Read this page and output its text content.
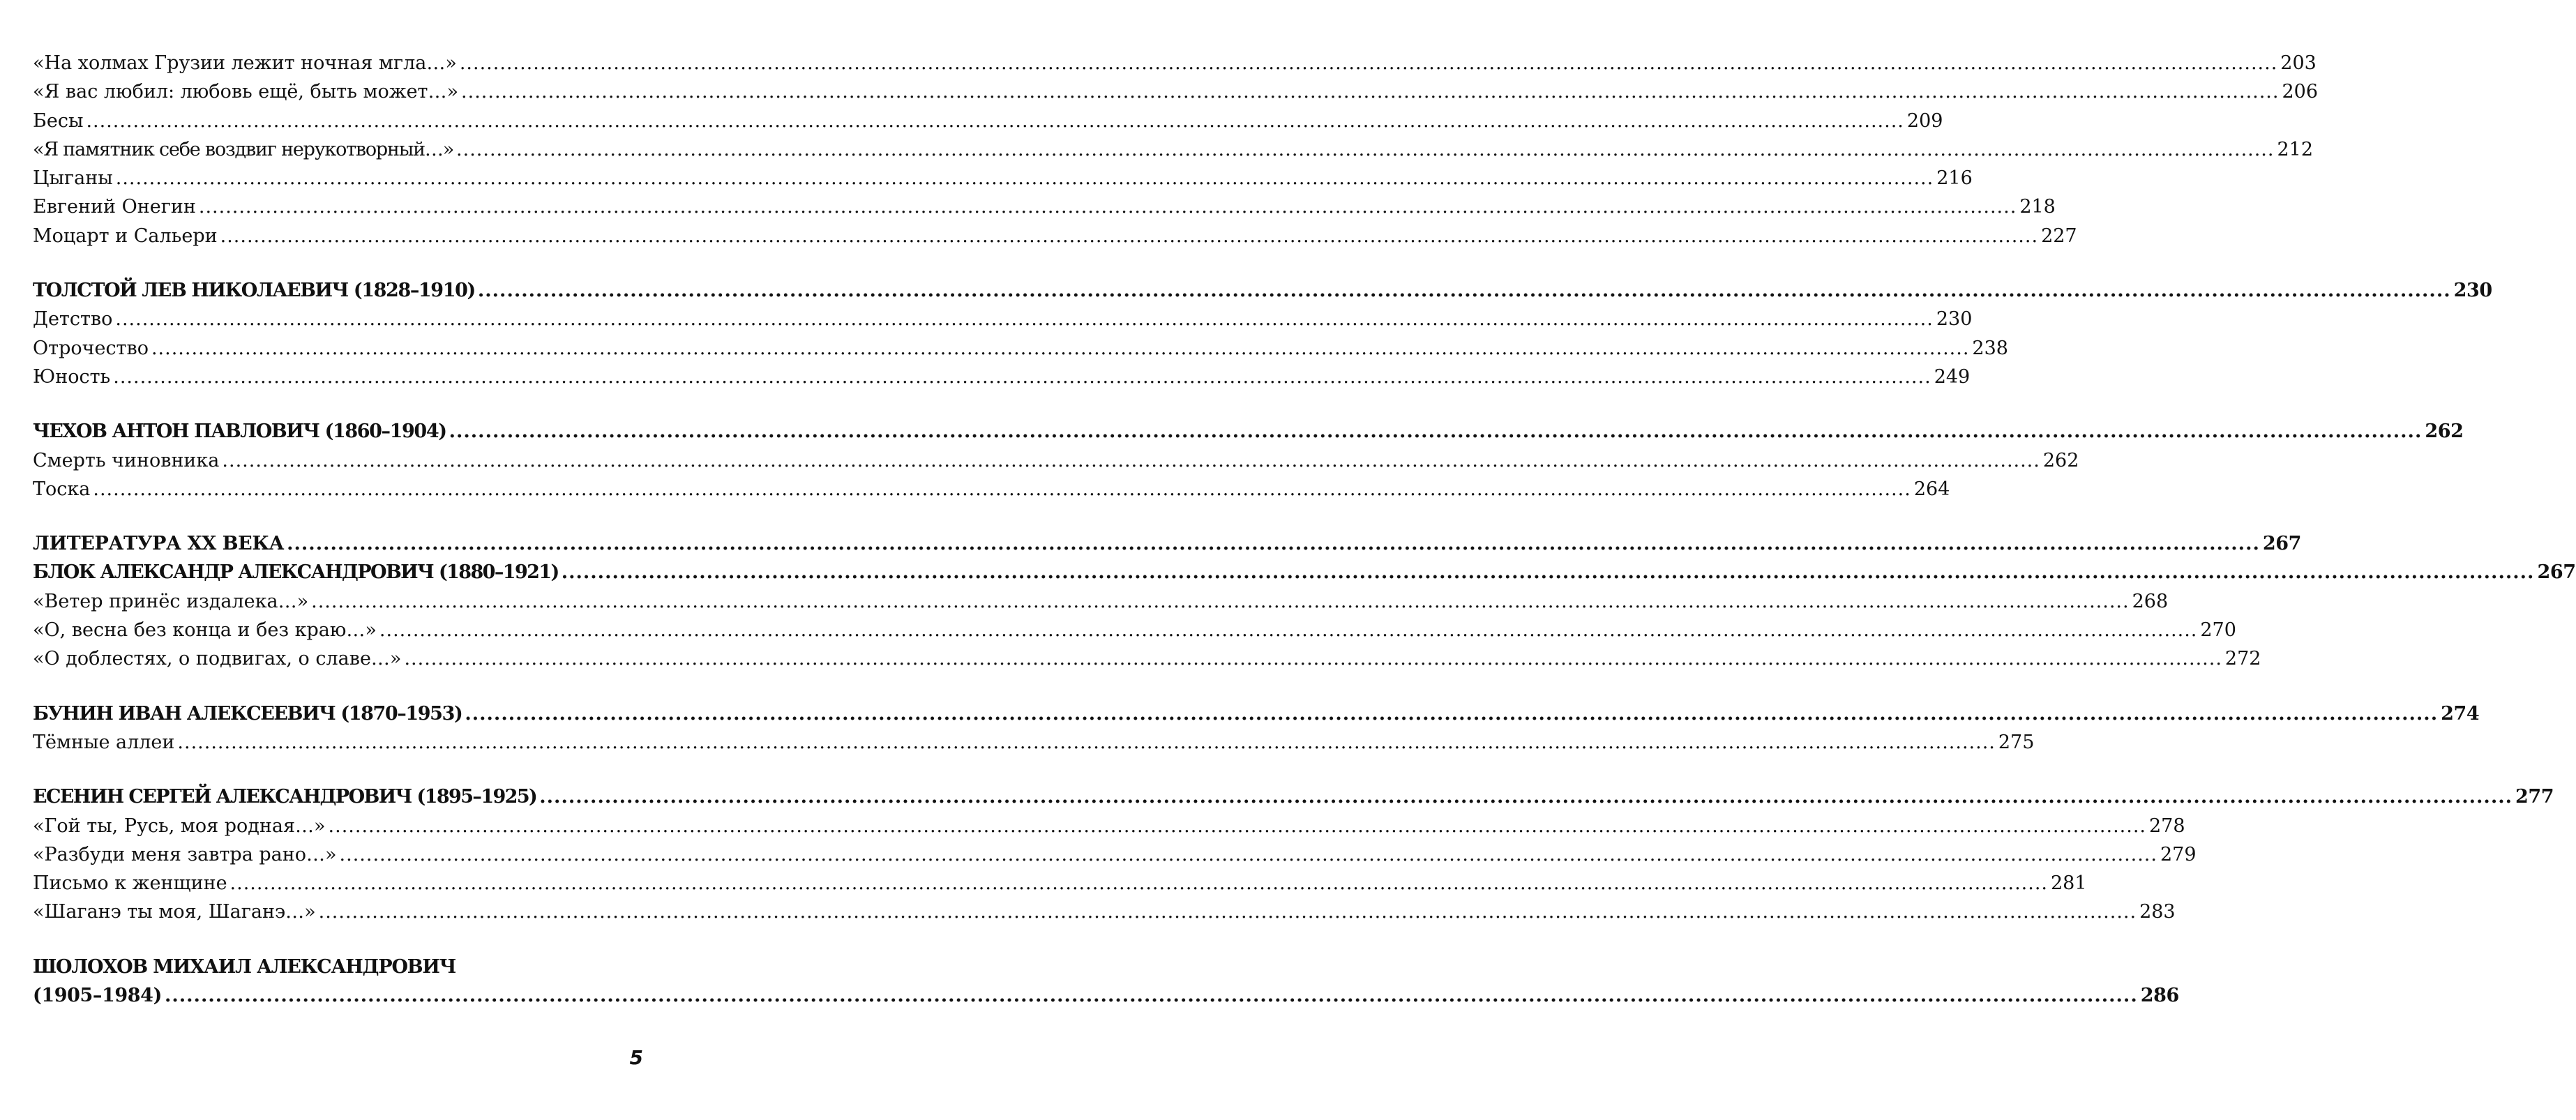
«На холмах Грузии лежит ночная мгла…» .....	203
«Я вас любил: любовь ещё, быть может…» .....	206
Бесы .....	209
«Я памятник себе воздвиг нерукотворный…» .....	212
Цыганы .....	216
Евгений Онегин .....	218
Моцарт и Сальери .....	227
ТОЛСТОЙ ЛЕВ НИКОЛАЕВИЧ (1828–1910) .....	230
Детство .....	230
Отрочество .....	238
Юность .....	249
ЧЕХОВ АНТОН ПАВЛОВИЧ (1860–1904) .....	262
Смерть чиновника .....	262
Тоска .....	264
ЛИТЕРАТУРА XX ВЕКА .....	267
БЛОК АЛЕКСАНДР АЛЕКСАНДРОВИЧ (1880–1921) .....	267
«Ветер принёс издалека…» .....	268
«О, весна без конца и без краю…» .....	270
«О доблестях, о подвигах, о славе…» .....	272
БУНИН ИВАН АЛЕКСЕЕВИЧ (1870–1953) .....	274
Тёмные аллеи .....	275
ЕСЕНИН СЕРГЕЙ АЛЕКСАНДРОВИЧ (1895–1925) .....	277
«Гой ты, Русь, моя родная…» .....	278
«Разбуди меня завтра рано…» .....	279
Письмо к женщине .....	281
«Шаганэ ты моя, Шаганэ…» .....	283
ШОЛОХОВ МИХАИЛ АЛЕКСАНДРОВИЧ
(1905–1984) .....	286
5
